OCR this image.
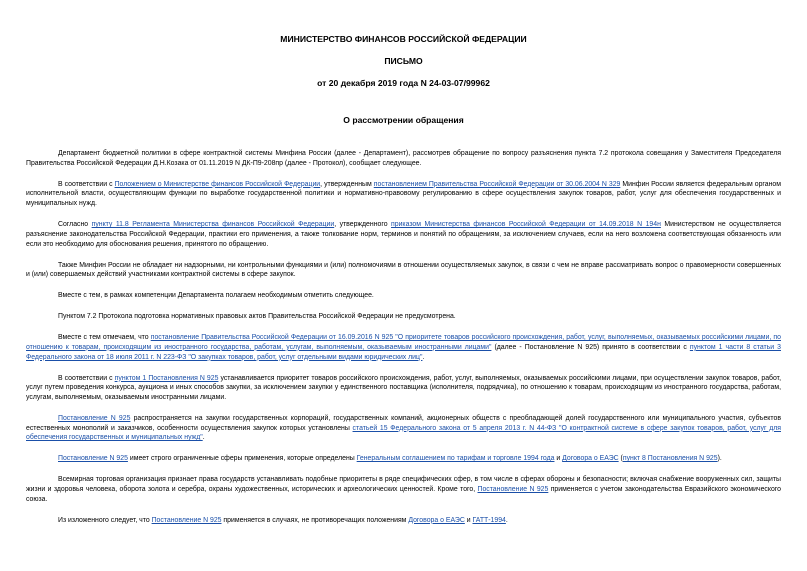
МИНИСТЕРСТВО ФИНАНСОВ РОССИЙСКОЙ ФЕДЕРАЦИИ
ПИСЬМО
от 20 декабря 2019 года N 24-03-07/99962
О рассмотрении обращения

Департамент бюджетной политики в сфере контрактной системы Минфина России (далее - Департамент), рассмотрев обращение по вопросу разъяснения пункта 7.2 протокола совещания у Заместителя Председателя Правительства Российской Федерации Д.Н.Козака от 01.11.2019 N ДК-П9-208пр (далее - Протокол), сообщает следующее.

В соответствии с Положением о Министерстве финансов Российской Федерации, утвержденным постановлением Правительства Российской Федерации от 30.06.2004 N 329 Минфин России является федеральным органом исполнительной власти, осуществляющим функции по выработке государственной политики и нормативно-правовому регулированию в сфере осуществления закупок товаров, работ, услуг для обеспечения государственных и муниципальных нужд.

Согласно пункту 11.8 Регламента Министерства финансов Российской Федерации, утвержденного приказом Министерства финансов Российской Федерации от 14.09.2018 N 194н Министерством не осуществляется разъяснение законодательства Российской Федерации, практики его применения, а также толкование норм, терминов и понятий по обращениям, за исключением случаев, если на него возложена соответствующая обязанность или если это необходимо для обоснования решения, принятого по обращению.

Также Минфин России не обладает ни надзорными, ни контрольными функциями и (или) полномочиями в отношении осуществляемых закупок, в связи с чем не вправе рассматривать вопрос о правомерности совершенных и (или) совершаемых действий участниками контрактной системы в сфере закупок.

Вместе с тем, в рамках компетенции Департамента полагаем необходимым отметить следующее.

Пунктом 7.2 Протокола подготовка нормативных правовых актов Правительства Российской Федерации не предусмотрена.

Вместе с тем отмечаем, что постановление Правительства Российской Федерации от 16.09.2016 N 925 "О приоритете товаров российского происхождения, работ, услуг, выполняемых, оказываемых российскими лицами, по отношению к товарам, происходящим из иностранного государства, работам, услугам, выполняемым, оказываемым иностранными лицами" (далее - Постановление N 925) принято в соответствии с пунктом 1 части 8 статьи 3 Федерального закона от 18 июля 2011 г. N 223-ФЗ "О закупках товаров, работ, услуг отдельными видами юридических лиц".

В соответствии с пунктом 1 Постановления N 925 устанавливается приоритет товаров российского происхождения, работ, услуг, выполняемых, оказываемых российскими лицами, при осуществлении закупок товаров, работ, услуг путем проведения конкурса, аукциона и иных способов закупки, за исключением закупки у единственного поставщика (исполнителя, подрядчика), по отношению к товарам, происходящим из иностранного государства, работам, услугам, выполняемым, оказываемым иностранными лицами.

Постановление N 925 распространяется на закупки государственных корпораций, государственных компаний, акционерных обществ с преобладающей долей государственного или муниципального участия, субъектов естественных монополий и заказчиков, особенности осуществления закупок которых установлены статьей 15 Федерального закона от 5 апреля 2013 г. N 44-ФЗ "О контрактной системе в сфере закупок товаров, работ, услуг для обеспечения государственных и муниципальных нужд".

Постановление N 925 имеет строго ограниченные сферы применения, которые определены Генеральным соглашением по тарифам и торговле 1994 года и Договора о ЕАЭС (пункт 8 Постановления N 925).

Всемирная торговая организация признает права государств устанавливать подобные приоритеты в ряде специфических сфер, в том числе в сферах обороны и безопасности; включая снабжение вооруженных сил, защиты жизни и здоровья человека, оборота золота и серебра, охраны художественных, исторических и археологических ценностей. Кроме того, Постановление N 925 применяется с учетом законодательства Евразийского экономического союза.

Из изложенного следует, что Постановление N 925 применяется в случаях, не противоречащих положениям Договора о ЕАЭС и ГАТТ-1994.
